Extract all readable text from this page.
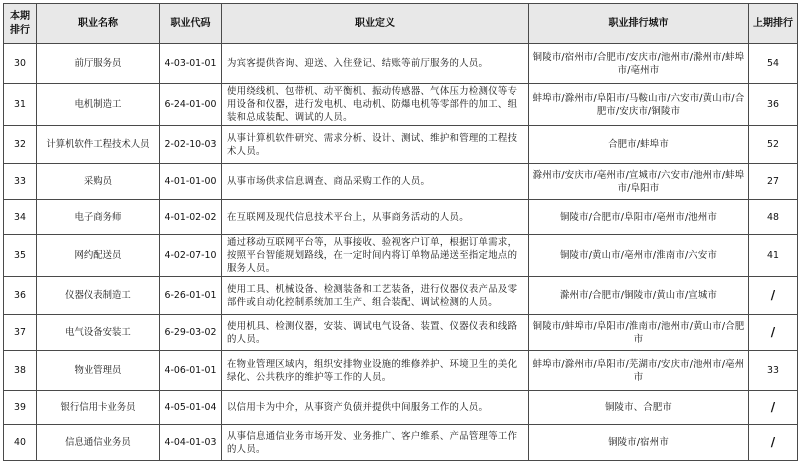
本期排行	职业名称	职业代码	职业定义	职业排行城市	上期排行
30	前厅服务员	4-03-01-01	为宾客提供咨询、迎送、入住登记、结账等前厅服务的人员。	铜陵市/宿州市/合肥市/安庆市/池州市/滁州市/蚌埠市/亳州市	54
31	电机制造工	6-24-01-00	使用绕线机、包带机、动平衡机、振动传感器、气体压力检测仪等专用设备和仪器，进行发电机、电动机、防爆电机等零部件的加工、组装和总成装配、调试的人员。	蚌埠市/滁州市/阜阳市/马鞍山市/六安市/黄山市/合肥市/安庆市/铜陵市	36
32	计算机软件工程技术人员	2-02-10-03	从事计算机软件研究、需求分析、设计、测试、维护和管理的工程技术人员。	合肥市/蚌埠市	52
33	采购员	4-01-01-00	从事市场供求信息调查、商品采购工作的人员。	滁州市/安庆市/亳州市/宣城市/六安市/池州市/蚌埠市/阜阳市	27
34	电子商务师	4-01-02-02	在互联网及现代信息技术平台上，从事商务活动的人员。	铜陵市/合肥市/阜阳市/亳州市/池州市	48
35	网约配送员	4-02-07-10	通过移动互联网平台等，从事接收、验视客户订单，根据订单需求，按照平台智能规划路线，在一定时间内将订单物品递送至指定地点的服务人员。	铜陵市/黄山市/亳州市/淮南市/六安市	41
36	仪器仪表制造工	6-26-01-01	使用工具、机械设备、检测装备和工艺装备，进行仪器仪表产品及零部件或自动化控制系统加工生产、组合装配、调试检测的人员。	滁州市/合肥市/铜陵市/黄山市/宣城市	/
37	电气设备安装工	6-29-03-02	使用机具、检测仪器，安装、调试电气设备、装置、仪器仪表和线路的人员。	铜陵市/蚌埠市/阜阳市/淮南市/池州市/黄山市/合肥市	/
38	物业管理员	4-06-01-01	在物业管理区域内，组织安排物业设施的维修养护、环境卫生的美化绿化、公共秩序的维护等工作的人员。	蚌埠市/滁州市/阜阳市/芜湖市/安庆市/池州市/亳州市	33
39	银行信用卡业务员	4-05-01-04	以信用卡为中介，从事资产负债并提供中间服务工作的人员。	铜陵市、合肥市	/
40	信息通信业务员	4-04-01-03	从事信息通信业务市场开发、业务推广、客户维系、产品管理等工作的人员。	铜陵市/宿州市	/
